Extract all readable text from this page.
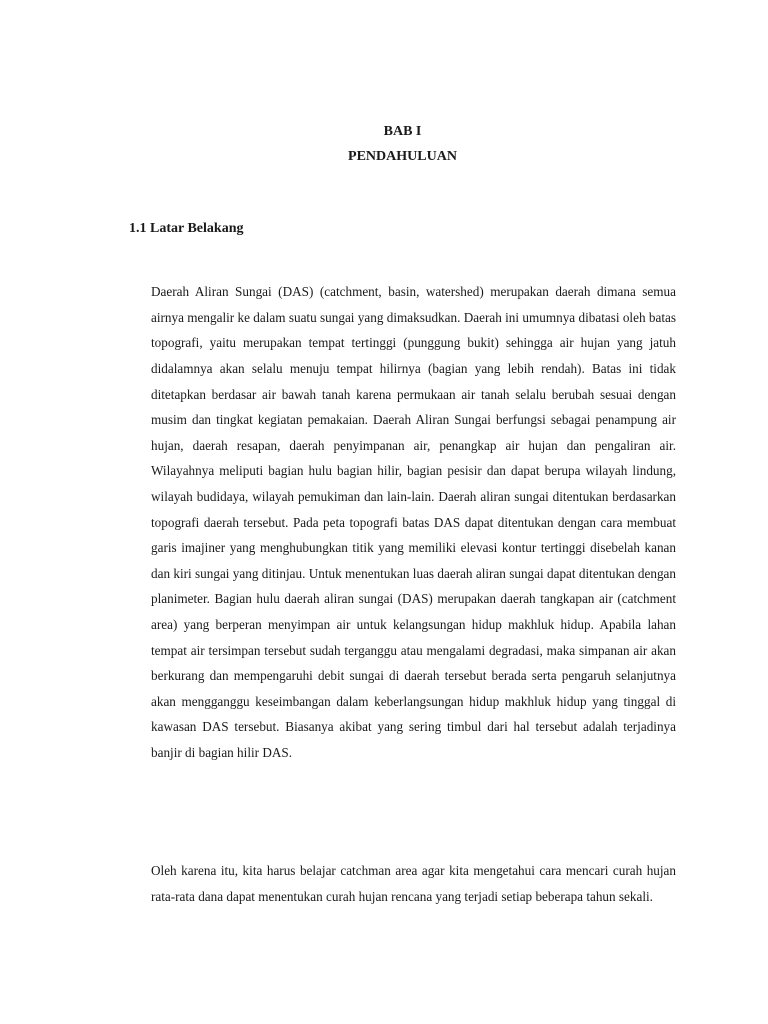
BAB I
PENDAHULUAN
1.1 Latar Belakang

Daerah Aliran Sungai (DAS) (catchment, basin, watershed) merupakan daerah dimana semua airnya mengalir ke dalam suatu sungai yang dimaksudkan. Daerah ini umumnya dibatasi oleh batas topografi, yaitu merupakan tempat tertinggi (punggung bukit) sehingga air hujan yang jatuh didalamnya akan selalu menuju tempat hilirnya (bagian yang lebih rendah). Batas ini tidak ditetapkan berdasar air bawah tanah karena permukaan air tanah selalu berubah sesuai dengan musim dan tingkat kegiatan pemakaian. Daerah Aliran Sungai berfungsi sebagai penampung air hujan, daerah resapan, daerah penyimpanan air, penangkap air hujan dan pengaliran air. Wilayahnya meliputi bagian hulu bagian hilir, bagian pesisir dan dapat berupa wilayah lindung, wilayah budidaya, wilayah pemukiman dan lain-lain. Daerah aliran sungai ditentukan berdasarkan topografi daerah tersebut. Pada peta topografi batas DAS dapat ditentukan dengan cara membuat garis imajiner yang menghubungkan titik yang memiliki elevasi kontur tertinggi disebelah kanan dan kiri sungai yang ditinjau. Untuk menentukan luas daerah aliran sungai dapat ditentukan dengan planimeter. Bagian hulu daerah aliran sungai (DAS) merupakan daerah tangkapan air (catchment area) yang berperan menyimpan air untuk kelangsungan hidup makhluk hidup. Apabila lahan tempat air tersimpan tersebut sudah terganggu atau mengalami degradasi, maka simpanan air akan berkurang dan mempengaruhi debit sungai di daerah tersebut berada serta pengaruh selanjutnya akan mengganggu keseimbangan dalam keberlangsungan hidup makhluk hidup yang tinggal di kawasan DAS tersebut. Biasanya akibat yang sering timbul dari hal tersebut adalah terjadinya banjir di bagian hilir DAS.

Oleh karena itu, kita harus belajar catchman area agar kita mengetahui cara mencari curah hujan rata-rata dana dapat menentukan curah hujan rencana yang terjadi setiap beberapa tahun sekali.
